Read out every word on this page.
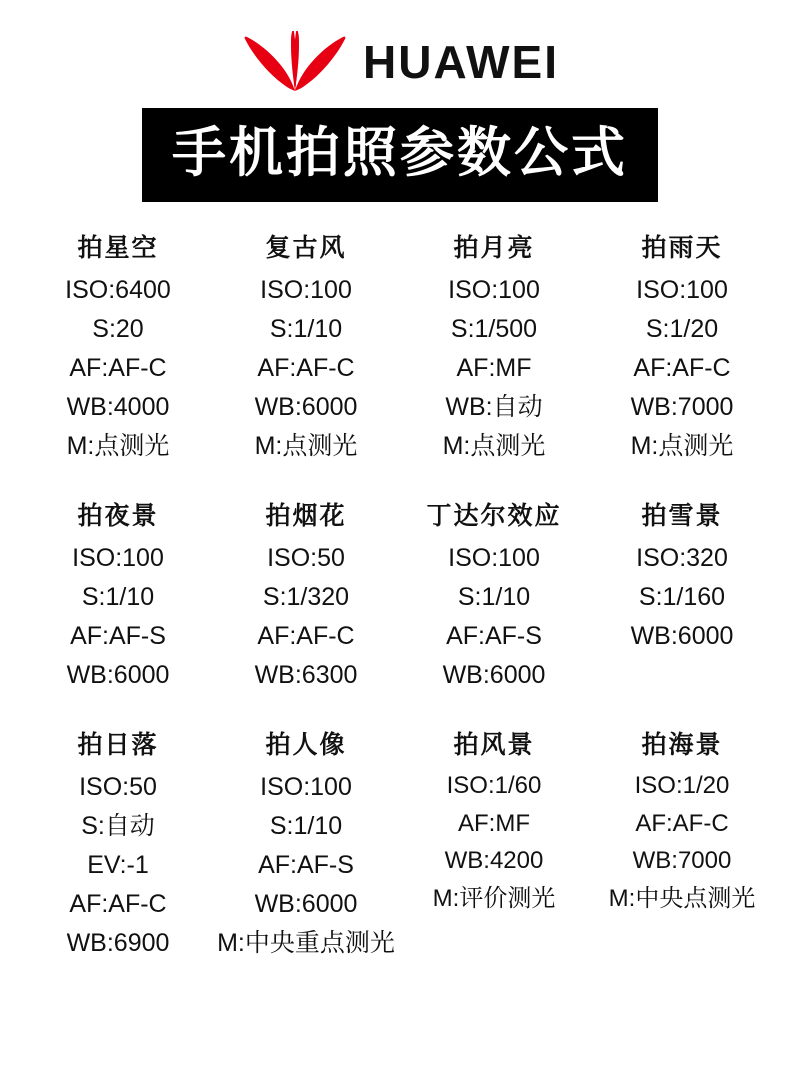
HUAWEI
手机拍照参数公式
拍星空
ISO:6400
S:20
AF:AF-C
WB:4000
M:点测光
复古风
ISO:100
S:1/10
AF:AF-C
WB:6000
M:点测光
拍月亮
ISO:100
S:1/500
AF:MF
WB:自动
M:点测光
拍雨天
ISO:100
S:1/20
AF:AF-C
WB:7000
M:点测光
拍夜景
ISO:100
S:1/10
AF:AF-S
WB:6000
拍烟花
ISO:50
S:1/320
AF:AF-C
WB:6300
丁达尔效应
ISO:100
S:1/10
AF:AF-S
WB:6000
拍雪景
ISO:320
S:1/160
WB:6000
拍日落
ISO:50
S:自动
EV:-1
AF:AF-C
WB:6900
拍人像
ISO:100
S:1/10
AF:AF-S
WB:6000
M:中央重点测光
拍风景
ISO:1/60
AF:MF
WB:4200
M:评价测光
拍海景
ISO:1/20
AF:AF-C
WB:7000
M:中央点测光
